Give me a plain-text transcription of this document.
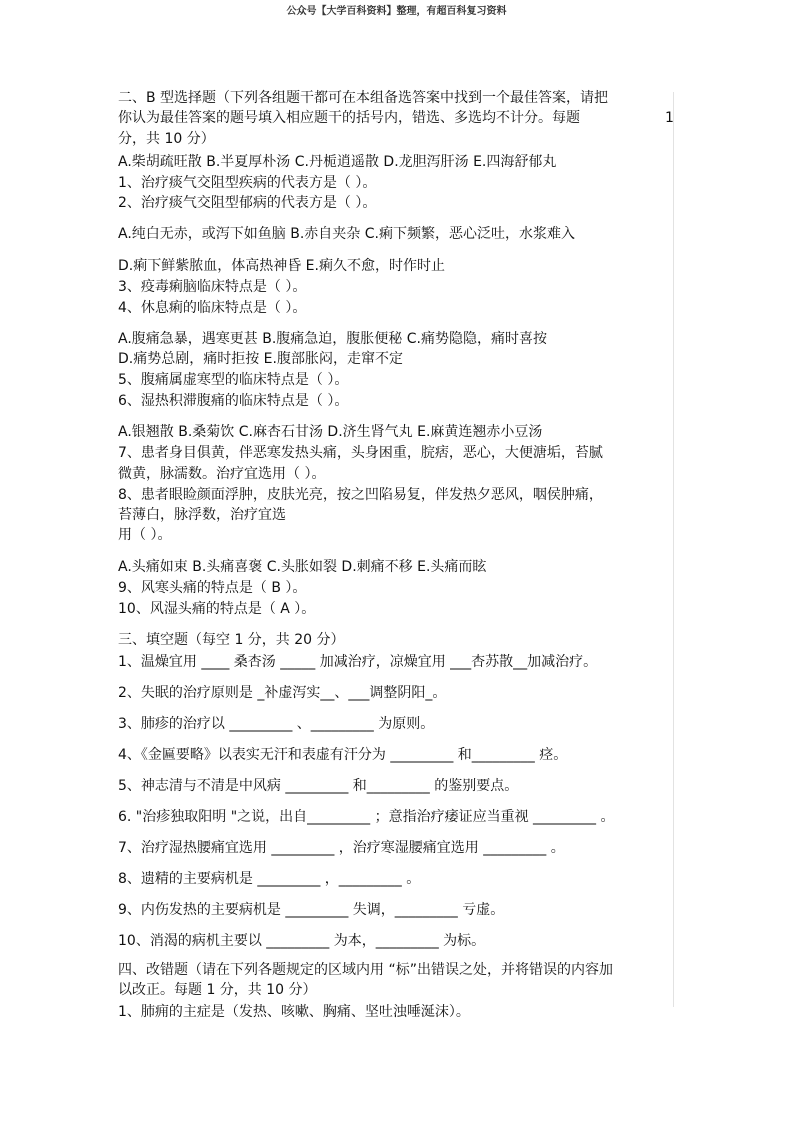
公众号【大学百科资料】整理，有超百科复习资料
1
二、B 型选择题（下列各组题干都可在本组备选答案中找到一个最佳答案，请把
你认为最佳答案的题号填入相应题干的括号内，错选、多选均不计分。每题
分，共 10 分）
A.柴胡疏旺散 B.半夏厚朴汤 C.丹栀逍遥散 D.龙胆泻肝汤 E.四海舒郁丸
1、治疗痰气交阻型疾病的代表方是（ ）。
2、治疗痰气交阻型郁病的代表方是（ ）。
A.纯白无赤，或泻下如鱼脑 B.赤自夹杂 C.痢下频繁，恶心泛吐，水浆难入
D.痢下鲜紫脓血，体高热神昏 E.痢久不愈，时作时止
3、疫毒痢脑临床特点是（ ）。
4、休息痢的临床特点是（ ）。
A.腹痛急暴，遇寒更甚 B.腹痛急迫，腹胀便秘 C.痛势隐隐，痛时喜按
D.痛势总剧，痛时拒按 E.腹部胀闷，走窜不定
5、腹痛属虚寒型的临床特点是（ ）。
6、湿热积滞腹痛的临床特点是（ ）。
A.银翘散 B.桑菊饮 C.麻杏石甘汤 D.济生肾气丸 E.麻黄连翘赤小豆汤
7、患者身目俱黄，伴恶寒发热头痛，头身困重，脘痞，恶心，大便溏垢，苔腻
微黄，脉濡数。治疗宜选用（ ）。
8、患者眼睑颜面浮肿，皮肤光亮，按之凹陷易复，伴发热夕恶风，咽侯肿痛，
苔薄白，脉浮数，治疗宜选
用（ ）。
A.头痛如束 B.头痛喜褒 C.头胀如裂 D.刺痛不移 E.头痛而眩
9、风寒头痛的特点是（ B ）。
10、风湿头痛的特点是（ A ）。
三、填空题（每空 1 分，共 20 分）
1、温燥宜用 ____ 桑杏汤 _____ 加减治疗，凉燥宜用 ___杏苏散__加减治疗。
2、失眠的治疗原则是 _补虚泻实__、___调整阴阳_。
3、肺疹的治疗以 _________ 、_________ 为原则。
4、《金匾要略》以表实无汗和表虚有汗分为 _________ 和_________ 痉。
5、神志清与不清是中风病 _________ 和_________ 的鉴别要点。
6. "治疹独取阳明 "之说，出自_________ ；意指治疗痿证应当重视 _________ 。
7、治疗湿热腰痛宜选用 _________ ，治疗寒湿腰痛宜选用 _________ 。
8、遗精的主要病机是 _________ ，_________ 。
9、内伤发热的主要病机是 _________ 失调，_________ 亏虚。
10、消渴的病机主要以 _________ 为本，_________ 为标。
四、改错题（请在下列各题规定的区域内用 “标”出错误之处，并将错误的内容加
以改正。每题 1 分，共 10 分）
1、肺痈的主症是（发热、咳嗽、胸痛、坚吐浊唾涎沫）。
